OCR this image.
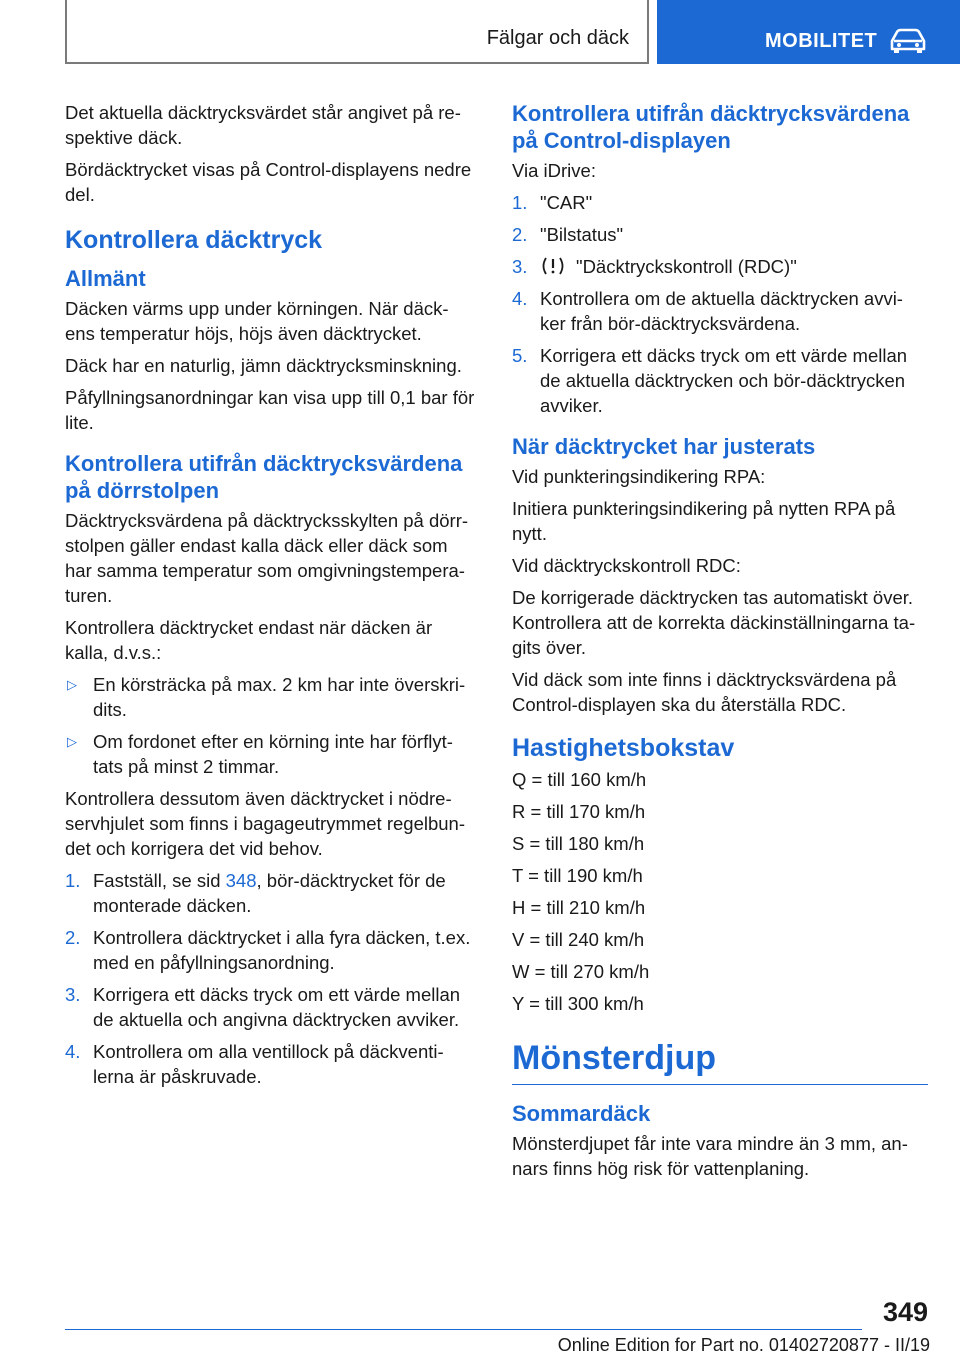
Fälgar och däck	MOBILITET

Det aktuella däcktrycksvärdet står angivet på re-spektive däck.

Bördäcktrycket visas på Control-displayens nedre del.

Kontrollera däcktryck
Allmänt

Däcken värms upp under körningen. När däck-ens temperatur höjs, höjs även däcktrycket.

Däck har en naturlig, jämn däcktrycksminskning.

Påfyllningsanordningar kan visa upp till 0,1 bar för lite.

Kontrollera utifrån däcktrycksvärdena på dörrstolpen

Däcktrycksvärdena på däcktrycksskylten på dörr-stolpen gäller endast kalla däck eller däck som har samma temperatur som omgivningstempera-turen.

Kontrollera däcktrycket endast när däcken är kalla, d.v.s.:

▷ En körsträcka på max. 2 km har inte överskri-dits.
▷ Om fordonet efter en körning inte har förflyt-tats på minst 2 timmar.

Kontrollera dessutom även däcktrycket i nödre-servhjulet som finns i bagageutrymmet regelbun-det och korrigera det vid behov.

1. Fastställ, se sid 348, bör-däcktrycket för de monterade däcken.
2. Kontrollera däcktrycket i alla fyra däcken, t.ex. med en påfyllningsanordning.
3. Korrigera ett däcks tryck om ett värde mellan de aktuella och angivna däcktrycken avviker.
4. Kontrollera om alla ventillock på däckventi-lerna är påskruvade.
Kontrollera utifrån däcktrycksvärdena på Control-displayen

Via iDrive:

1. "CAR"
2. "Bilstatus"
3.	"Däcktryckskontroll (RDC)"
4. Kontrollera om de aktuella däcktrycken avvi-ker från bör-däcktrycksvärdena.
5. Korrigera ett däcks tryck om ett värde mellan de aktuella däcktrycken och bör-däcktrycken avviker.
När däcktrycket har justerats

Vid punkteringsindikering RPA:

Initiera punkteringsindikering på nytten RPA på nytt.

Vid däcktryckskontroll RDC:

De korrigerade däcktrycken tas automatiskt över. Kontrollera att de korrekta däckinställningarna ta-gits över.

Vid däck som inte finns i däcktrycksvärdena på Control-displayen ska du återställa RDC.

Hastighetsbokstav

Q = till 160 km/h

R = till 170 km/h

S = till 180 km/h

T = till 190 km/h

H = till 210 km/h

V = till 240 km/h

W = till 270 km/h

Y = till 300 km/h

Mönsterdjup
Sommardäck

Mönsterdjupet får inte vara mindre än 3 mm, an-nars finns hög risk för vattenplaning.

349
Online Edition for Part no. 01402720877 - II/19
